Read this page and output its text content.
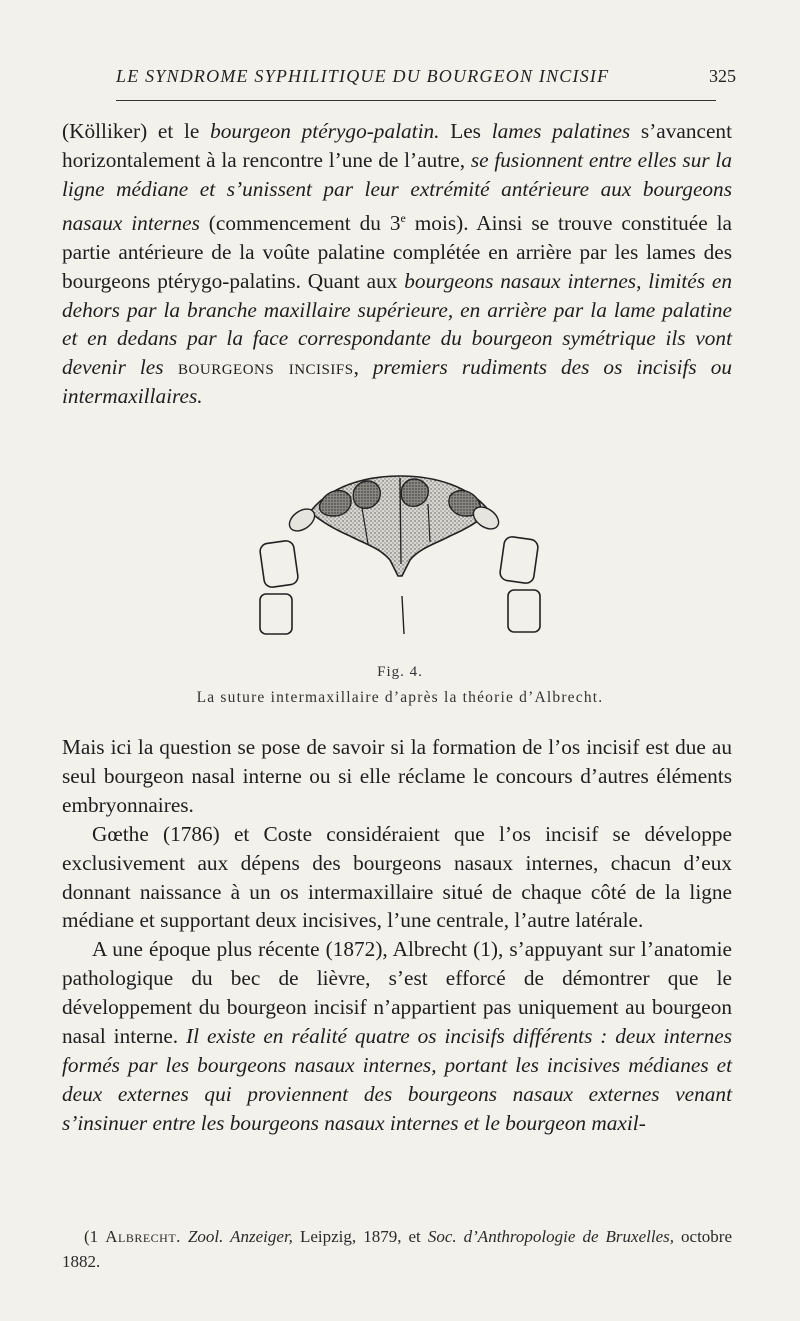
LE SYNDROME SYPHILITIQUE DU BOURGEON INCISIF	325

(Kölliker) et le bourgeon ptérygo-palatin. Les lames palatines s’avancent horizontalement à la rencontre l’une de l’autre, se fusionnent entre elles sur la ligne médiane et s’unissent par leur extrémité antérieure aux bourgeons nasaux internes (commencement du 3e mois). Ainsi se trouve constituée la partie antérieure de la voûte palatine complétée en arrière par les lames des bourgeons ptérygo-palatins. Quant aux bourgeons nasaux internes, limités en dehors par la branche maxillaire supérieure, en arrière par la lame palatine et en dedans par la face correspondante du bourgeon symétrique ils vont devenir les bourgeons incisifs, premiers rudiments des os incisifs ou intermaxillaires.

Fig. 4.
La suture intermaxillaire d’après la théorie d’Albrecht.

Mais ici la question se pose de savoir si la formation de l’os incisif est due au seul bourgeon nasal interne ou si elle réclame le concours d’autres éléments embryonnaires.

Gœthe (1786) et Coste considéraient que l’os incisif se développe exclusivement aux dépens des bourgeons nasaux internes, chacun d’eux donnant naissance à un os intermaxillaire situé de chaque côté de la ligne médiane et supportant deux incisives, l’une centrale, l’autre latérale.

A une époque plus récente (1872), Albrecht (1), s’appuyant sur l’anatomie pathologique du bec de lièvre, s’est efforcé de démontrer que le développement du bourgeon incisif n’appartient pas uniquement au bourgeon nasal interne. Il existe en réalité quatre os incisifs différents : deux internes formés par les bourgeons nasaux internes, portant les incisives médianes et deux externes qui proviennent des bourgeons nasaux externes venant s’insinuer entre les bourgeons nasaux internes et le bourgeon maxil-

(1 Albrecht. Zool. Anzeiger, Leipzig, 1879, et Soc. d’Anthropologie de Bruxelles, octobre 1882.
